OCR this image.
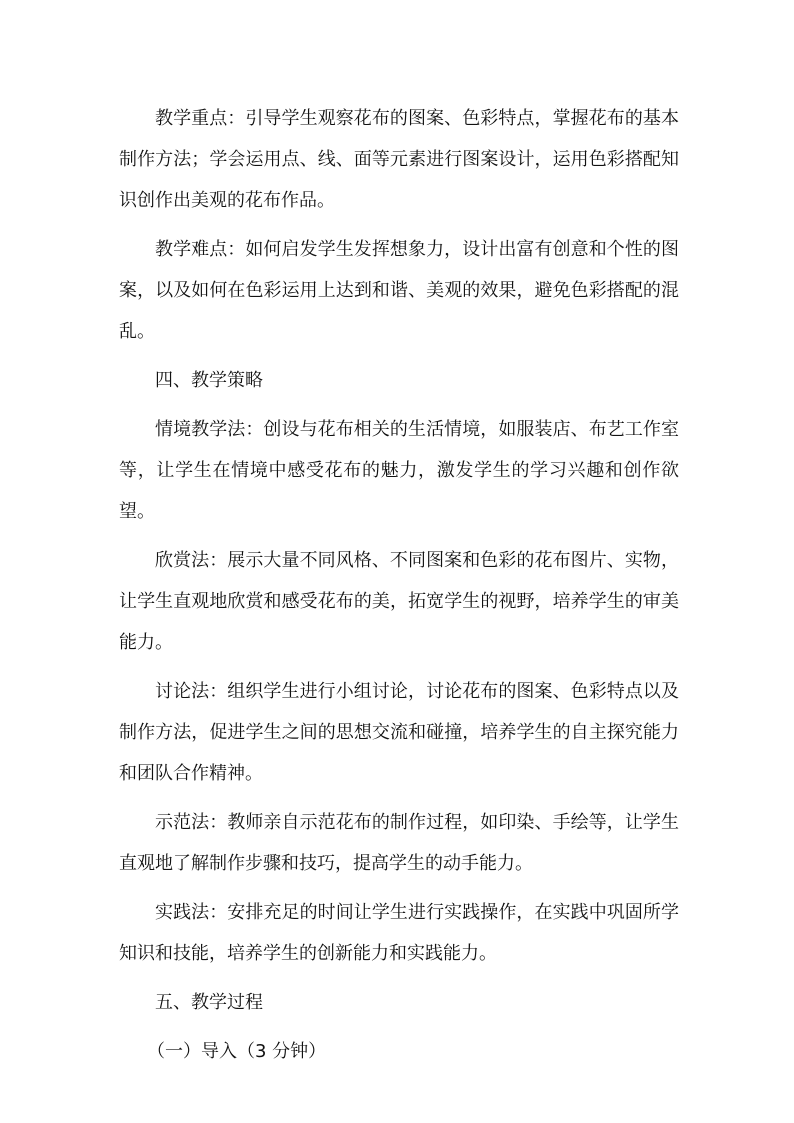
教学重点：引导学生观察花布的图案、色彩特点，掌握花布的基本制作方法；学会运用点、线、面等元素进行图案设计，运用色彩搭配知识创作出美观的花布作品。

教学难点：如何启发学生发挥想象力，设计出富有创意和个性的图案，以及如何在色彩运用上达到和谐、美观的效果，避免色彩搭配的混乱。

四、教学策略

情境教学法：创设与花布相关的生活情境，如服装店、布艺工作室等，让学生在情境中感受花布的魅力，激发学生的学习兴趣和创作欲望。

欣赏法：展示大量不同风格、不同图案和色彩的花布图片、实物，让学生直观地欣赏和感受花布的美，拓宽学生的视野，培养学生的审美能力。

讨论法：组织学生进行小组讨论，讨论花布的图案、色彩特点以及制作方法，促进学生之间的思想交流和碰撞，培养学生的自主探究能力和团队合作精神。

示范法：教师亲自示范花布的制作过程，如印染、手绘等，让学生直观地了解制作步骤和技巧，提高学生的动手能力。

实践法：安排充足的时间让学生进行实践操作，在实践中巩固所学知识和技能，培养学生的创新能力和实践能力。

五、教学过程

（一）导入（3 分钟）
